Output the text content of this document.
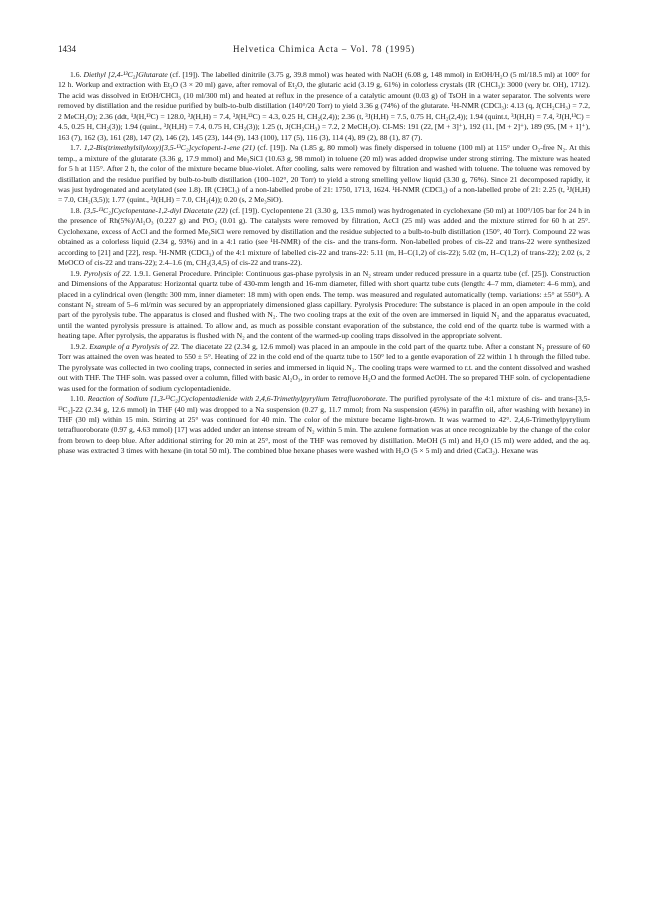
1434	Helvetica Chimica Acta – Vol. 78 (1995)

1.6. Diethyl [2,4-¹³C₂]Glutarate (cf. [19]). The labelled dinitrile (3.75 g, 39.8 mmol) was heated with NaOH (6.08 g, 148 mmol) in EtOH/H₂O (5 ml/18.5 ml) at 100° for 12 h. Workup and extraction with Et₂O (3 × 20 ml) gave, after removal of Et₂O, the glutaric acid (3.19 g, 61%) in colorless crystals (IR (CHCl₃): 3000 (very br. OH), 1712). The acid was dissolved in EtOH/CHCl₃ (10 ml/300 ml) and heated at reflux in the presence of a catalytic amount (0.03 g) of TsOH in a water separator. The solvents were removed by distillation and the residue purified by bulb-to-bulb distillation (140°/20 Torr) to yield 3.36 g (74%) of the glutarate. ¹H-NMR (CDCl₃): 4.13 (q, J(CH₂CH₃) = 7.2, 2 MeCH₂O); 2.36 (ddt, ¹J(H,¹³C) = 128.0, ³J(H,H) = 7.4, ³J(H,¹³C) = 4.3, 0.25 H, CH₂(2,4)); 2.36 (t, ³J(H,H) = 7.5, 0.75 H, CH₂(2,4)); 1.94 (quint.t, ³J(H,H) = 7.4, ²J(H,¹³C) = 4.5, 0.25 H, CH₂(3)); 1.94 (quint., ³J(H,H) = 7.4, 0.75 H, CH₂(3)); 1.25 (t, J(CH₂CH₃) = 7.2, 2 MeCH₂O). CI-MS: 191 (22, [M + 3]⁺), 192 (11, [M + 2]⁺), 189 (95, [M + 1]⁺), 163 (7), 162 (3), 161 (28), 147 (2), 146 (2), 145 (23), 144 (9), 143 (100), 117 (5), 116 (3), 114 (4), 89 (2), 88 (1), 87 (7).

1.7. 1,2-Bis(trimethylsilyloxy)[3,5-¹³C₂]cyclopent-1-ene (21) (cf. [19]). Na (1.85 g, 80 mmol) was finely dispersed in toluene (100 ml) at 115° under O₂-free N₂. At this temp., a mixture of the glutarate (3.36 g, 17.9 mmol) and Me₃SiCl (10.63 g, 98 mmol) in toluene (20 ml) was added dropwise under strong stirring. The mixture was heated for 5 h at 115°. After 2 h, the color of the mixture became blue-violet. After cooling, salts were removed by filtration and washed with toluene. The toluene was removed by distillation and the residue purified by bulb-to-bulb distillation (100–102°, 20 Torr) to yield a strong smelling yellow liquid (3.30 g, 76%). Since 21 decomposed rapidly, it was just hydrogenated and acetylated (see 1.8). IR (CHCl₃) of a non-labelled probe of 21: 1750, 1713, 1624. ¹H-NMR (CDCl₃) of a non-labelled probe of 21: 2.25 (t, ³J(H,H) = 7.0, CH₂(3,5)); 1.77 (quint., ³J(H,H) = 7.0, CH₂(4)); 0.20 (s, 2 Me₃SiO).

1.8. [3,5-¹³C₂]Cyclopentane-1,2-diyl Diacetate (22) (cf. [19]). Cyclopentene 21 (3.30 g, 13.5 mmol) was hydrogenated in cyclohexane (50 ml) at 100°/105 bar for 24 h in the presence of Rh(5%)/Al₂O₃ (0.227 g) and PtO₂ (0.01 g). The catalysts were removed by filtration, AcCl (25 ml) was added and the mixture stirred for 60 h at 25°. Cyclohexane, excess of AcCl and the formed Me₃SiCl were removed by distillation and the residue subjected to a bulb-to-bulb distillation (150°, 40 Torr). Compound 22 was obtained as a colorless liquid (2.34 g, 93%) and in a 4:1 ratio (see ¹H-NMR) of the cis- and the trans-form. Non-labelled probes of cis-22 and trans-22 were synthesized according to [21] and [22], resp. ¹H-NMR (CDCl₃) of the 4:1 mixture of labelled cis-22 and trans-22: 5.11 (m, H–C(1,2) of cis-22); 5.02 (m, H–C(1,2) of trans-22); 2.02 (s, 2 MeOCO of cis-22 and trans-22); 2.4–1.6 (m, CH₂(3,4,5) of cis-22 and trans-22).

1.9. Pyrolysis of 22. 1.9.1. General Procedure. Principle: Continuous gas-phase pyrolysis in an N₂ stream under reduced pressure in a quartz tube (cf. [25]). Construction and Dimensions of the Apparatus: Horizontal quartz tube of 430-mm length and 16-mm diameter, filled with short quartz tube cuts (length: 4–7 mm, diameter: 4–6 mm), and placed in a cylindrical oven (length: 300 mm, inner diameter: 18 mm) with open ends. The temp. was measured and regulated automatically (temp. variations: ±5° at 550°). A constant N₂ stream of 5–6 ml/min was secured by an appropriately dimensioned glass capillary. Pyrolysis Procedure: The substance is placed in an open ampoule in the cold part of the pyrolysis tube. The apparatus is closed and flushed with N₂. The two cooling traps at the exit of the oven are immersed in liquid N₂ and the apparatus evacuated, until the wanted pyrolysis pressure is attained. To allow and, as much as possible constant evaporation of the substance, the cold end of the quartz tube is warmed with a heating tape. After pyrolysis, the apparatus is flushed with N₂ and the content of the warmed-up cooling traps dissolved in the appropriate solvent.

1.9.2. Example of a Pyrolysis of 22. The diacetate 22 (2.34 g, 12.6 mmol) was placed in an ampoule in the cold part of the quartz tube. After a constant N₂ pressure of 60 Torr was attained the oven was heated to 550 ± 5°. Heating of 22 in the cold end of the quartz tube to 150° led to a gentle evaporation of 22 within 1 h through the filled tube. The pyrolysate was collected in two cooling traps, connected in series and immersed in liquid N₂. The cooling traps were warmed to r.t. and the content dissolved and washed out with THF. The THF soln. was passed over a column, filled with basic Al₂O₃, in order to remove H₂O and the formed AcOH. The so prepared THF soln. of cyclopentadiene was used for the formation of sodium cyclopentadienide.

1.10. Reaction of Sodium [1,3-¹³C₂]Cyclopentadienide with 2,4,6-Trimethylpyrylium Tetrafluoroborate. The purified pyrolysate of the 4:1 mixture of cis- and trans-[3,5-¹³C₂]-22 (2.34 g, 12.6 mmol) in THF (40 ml) was dropped to a Na suspension (0.27 g, 11.7 mmol; from Na suspension (45%) in paraffin oil, after washing with hexane) in THF (30 ml) within 15 min. Stirring at 25° was continued for 40 min. The color of the mixture became light-brown. It was warmed to 42°. 2,4,6-Trimethylpyrylium tetrafluoroborate (0.97 g, 4.63 mmol) [17] was added under an intense stream of N₂ within 5 min. The azulene formation was at once recognizable by the change of the color from brown to deep blue. After additional stirring for 20 min at 25°, most of the THF was removed by distillation. MeOH (5 ml) and H₂O (15 ml) were added, and the aq. phase was extracted 3 times with hexane (in total 50 ml). The combined blue hexane phases were washed with H₂O (5 × 5 ml) and dried (CaCl₂). Hexane was
